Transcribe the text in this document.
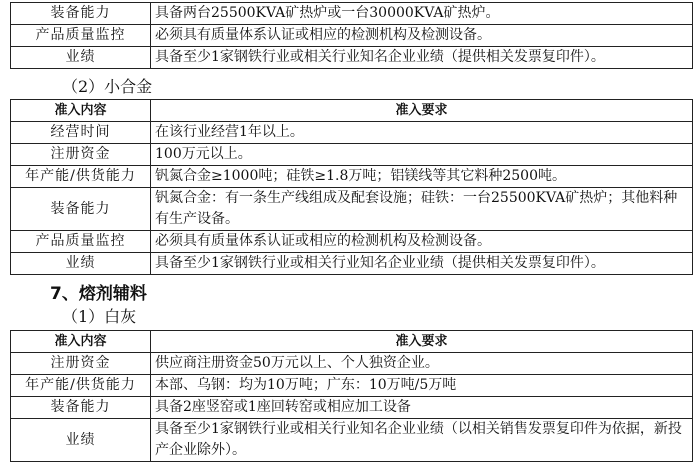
装备能力	具备两台25500KVA矿热炉或一台30000KVA矿热炉。
产品质量监控	必须具有质量体系认证或相应的检测机构及检测设备。
业绩	具备至少1家钢铁行业或相关行业知名企业业绩（提供相关发票复印件）。
（2）小合金
准入内容	准入要求
经营时间	在该行业经营1年以上。
注册资金	100万元以上。
年产能/供货能力	钒氮合金≥1000吨；硅铁≥1.8万吨；铝镁线等其它料种2500吨。
装备能力	钒氮合金：有一条生产线组成及配套设施；硅铁：一台25500KVA矿热炉；其他料种有生产设备。
产品质量监控	必须具有质量体系认证或相应的检测机构及检测设备。
业绩	具备至少1家钢铁行业或相关行业知名企业业绩（提供相关发票复印件）。
7、熔剂辅料
（1）白灰
准入内容	准入要求
注册资金	供应商注册资金50万元以上、个人独资企业。
年产能/供货能力	本部、乌钢：均为10万吨；广东：10万吨/5万吨
装备能力	具备2座竖窑或1座回转窑或相应加工设备
业绩	具备至少1家钢铁行业或相关行业知名企业业绩（以相关销售发票复印件为依据，新投产企业除外）。
